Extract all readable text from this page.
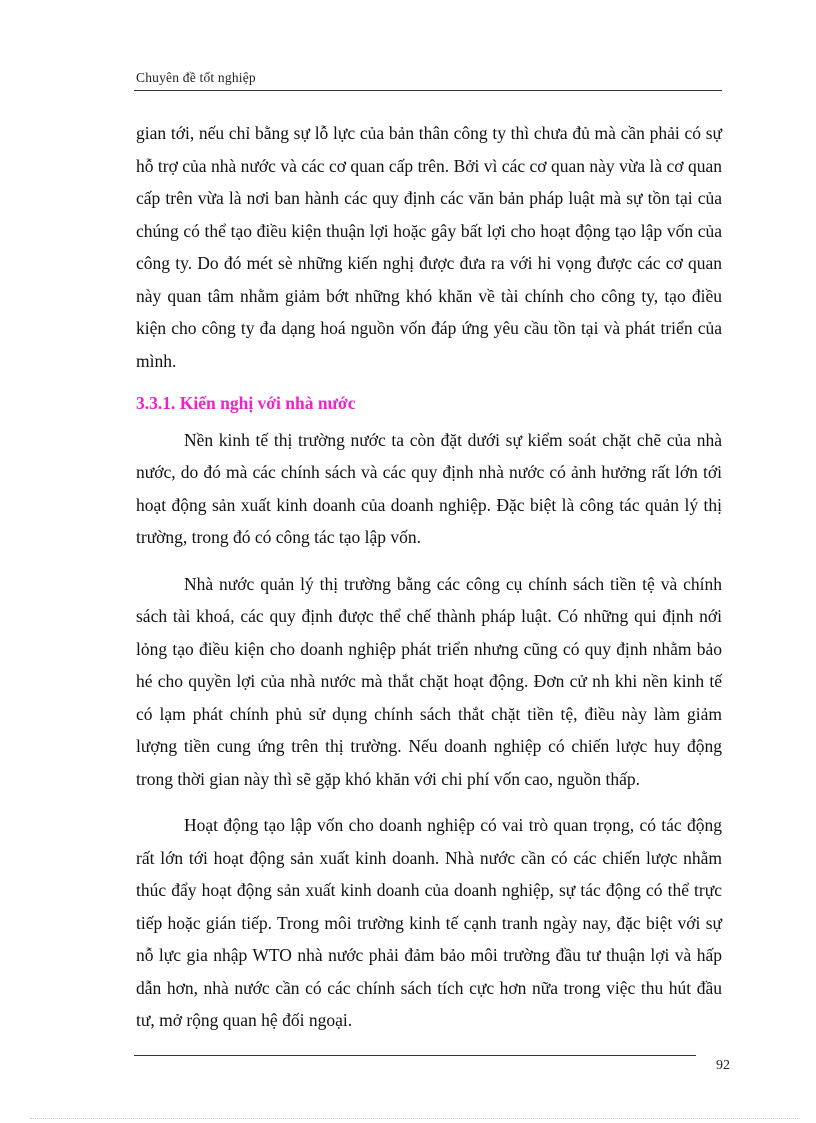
Chuyên đề tốt nghiệp

gian tới, nếu chỉ bằng sự lỗ lực của bản thân công ty thì chưa đủ mà cần phải có sự hỗ trợ của nhà nước và các cơ quan cấp trên. Bởi vì các cơ quan này vừa là cơ quan cấp trên vừa là nơi ban hành các quy định các văn bản pháp luật mà sự tồn tại của chúng có thể tạo điều kiện thuận lợi hoặc gây bất lợi cho hoạt động tạo lập vốn của công ty. Do đó mét sè những kiến nghị được đưa ra với hi vọng được các cơ quan này quan tâm nhằm giảm bớt những khó khăn về tài chính cho công ty, tạo điều kiện cho công ty đa dạng hoá nguồn vốn đáp ứng yêu cầu tồn tại và phát triển của mình.

3.3.1. Kiến nghị với nhà nước

Nền kinh tế thị trường nước ta còn đặt dưới sự kiểm soát chặt chẽ của nhà nước, do đó mà các chính sách và các quy định nhà nước có ảnh hưởng rất lớn tới hoạt động sản xuất kinh doanh của doanh nghiệp. Đặc biệt là công tác quản lý thị trường, trong đó có công tác tạo lập vốn.

Nhà nước quản lý thị trường bằng các công cụ chính sách tiền tệ và chính sách tài khoá, các quy định được thể chế thành pháp luật. Có những qui định nới lỏng tạo điều kiện cho doanh nghiệp phát triển nhưng cũng có quy định nhằm bảo hé cho quyền lợi của nhà nước mà thắt chặt hoạt động. Đơn cử nh khi nền kinh tế có lạm phát chính phủ sử dụng chính sách thắt chặt tiền tệ, điều này làm giảm lượng tiền cung ứng trên thị trường. Nếu doanh nghiệp có chiến lược huy động trong thời gian này thì sẽ gặp khó khăn với chi phí vốn cao, nguồn thấp.

Hoạt động tạo lập vốn cho doanh nghiệp có vai trò quan trọng, có tác động rất lớn tới hoạt động sản xuất kinh doanh. Nhà nước cần có các chiến lược nhằm thúc đẩy hoạt động sản xuất kinh doanh của doanh nghiệp, sự tác động có thể trực tiếp hoặc gián tiếp. Trong môi trường kinh tế cạnh tranh ngày nay, đặc biệt với sự nỗ lực gia nhập WTO nhà nước phải đảm bảo môi trường đầu tư thuận lợi và hấp dẫn hơn, nhà nước cần có các chính sách tích cực hơn nữa trong việc thu hút đầu tư, mở rộng quan hệ đối ngoại.

92
